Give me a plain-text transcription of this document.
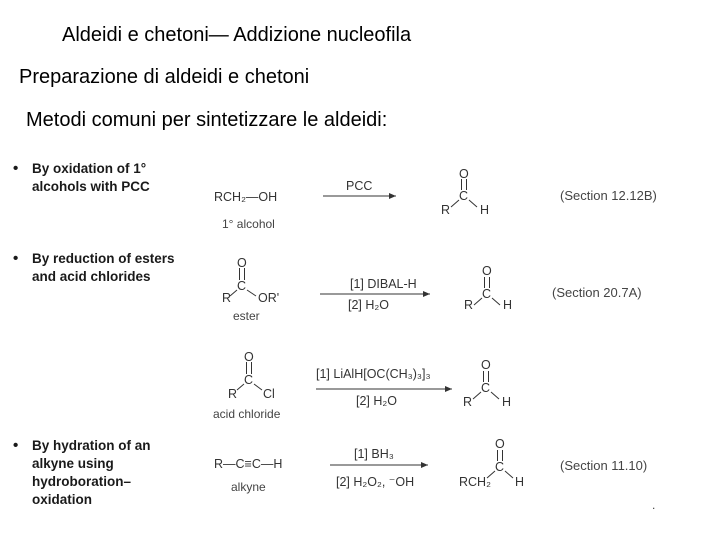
Aldeidi e chetoni— Addizione nucleofila
Preparazione di aldeidi e chetoni
Metodi comuni per sintetizzare le aldeidi:
• By oxidation of 1°
alcohols with PCC
• By reduction of esters
and acid chlorides
• By hydration of an
alkyne using
hydroboration–
oxidation
RCH₂—OH
1° alcohol
PCC
O
C
R H
(Section 12.12B)
O
C
R OR'
ester
[1] DIBAL-H
[2] H₂O
O
C
R H
(Section 20.7A)
O
C
R Cl
acid chloride
[1] LiAlH[OC(CH₃)₃]₃
[2] H₂O
O
C
R H
R—C≡C—H
alkyne
[1] BH₃
[2] H₂O₂, ⁻OH
O
C
RCH₂ H
(Section 11.10)
.
